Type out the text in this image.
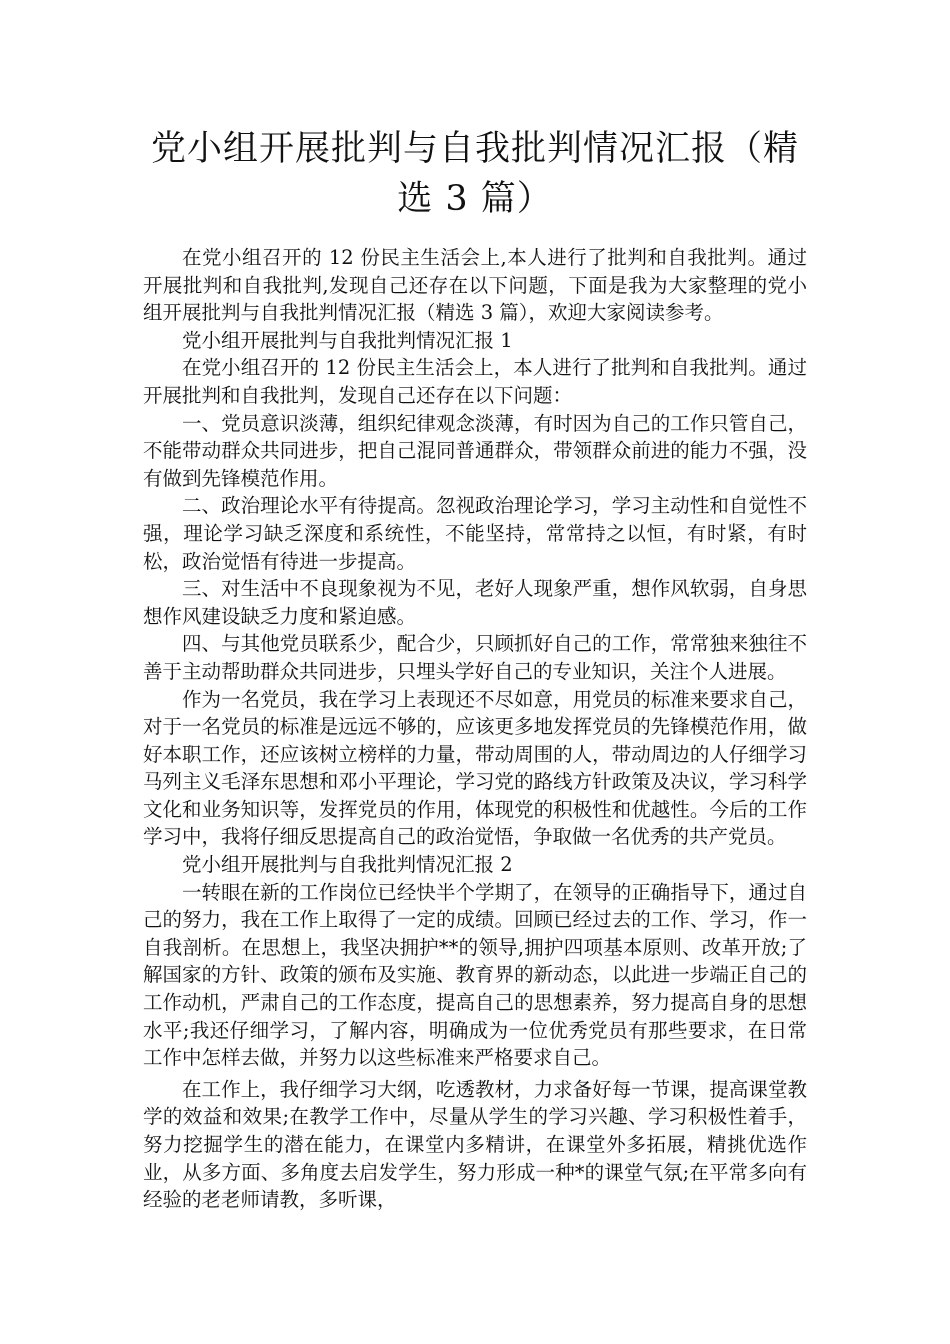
党小组开展批判与自我批判情况汇报（精选 3 篇）

在党小组召开的 12 份民主生活会上,本人进行了批判和自我批判。通过开展批判和自我批判,发现自己还存在以下问题，下面是我为大家整理的党小组开展批判与自我批判情况汇报（精选 3 篇），欢迎大家阅读参考。

党小组开展批判与自我批判情况汇报 1

在党小组召开的 12 份民主生活会上，本人进行了批判和自我批判。通过开展批判和自我批判，发现自己还存在以下问题：

一、党员意识淡薄，组织纪律观念淡薄，有时因为自己的工作只管自己，不能带动群众共同进步，把自己混同普通群众，带领群众前进的能力不强，没有做到先锋模范作用。

二、政治理论水平有待提高。忽视政治理论学习，学习主动性和自觉性不强，理论学习缺乏深度和系统性，不能坚持，常常持之以恒，有时紧，有时松，政治觉悟有待进一步提高。

三、对生活中不良现象视为不见，老好人现象严重，想作风软弱，自身思想作风建设缺乏力度和紧迫感。

四、与其他党员联系少，配合少，只顾抓好自己的工作，常常独来独往不善于主动帮助群众共同进步，只埋头学好自己的专业知识，关注个人进展。

作为一名党员，我在学习上表现还不尽如意，用党员的标准来要求自己，对于一名党员的标准是远远不够的，应该更多地发挥党员的先锋模范作用，做好本职工作，还应该树立榜样的力量，带动周围的人，带动周边的人仔细学习马列主义毛泽东思想和邓小平理论，学习党的路线方针政策及决议，学习科学文化和业务知识等，发挥党员的作用，体现党的积极性和优越性。今后的工作学习中，我将仔细反思提高自己的政治觉悟，争取做一名优秀的共产党员。

党小组开展批判与自我批判情况汇报 2

一转眼在新的工作岗位已经快半个学期了，在领导的正确指导下，通过自己的努力，我在工作上取得了一定的成绩。回顾已经过去的工作、学习，作一自我剖析。在思想上，我坚决拥护**的领导,拥护四项基本原则、改革开放;了解国家的方针、政策的颁布及实施、教育界的新动态，以此进一步端正自己的工作动机，严肃自己的工作态度，提高自己的思想素养，努力提高自身的思想水平;我还仔细学习，了解内容，明确成为一位优秀党员有那些要求，在日常工作中怎样去做，并努力以这些标准来严格要求自己。

在工作上，我仔细学习大纲，吃透教材，力求备好每一节课，提高课堂教学的效益和效果;在教学工作中，尽量从学生的学习兴趣、学习积极性着手，努力挖掘学生的潜在能力，在课堂内多精讲，在课堂外多拓展，精挑优选作业，从多方面、多角度去启发学生，努力形成一种*的课堂气氛;在平常多向有经验的老老师请教，多听课，
